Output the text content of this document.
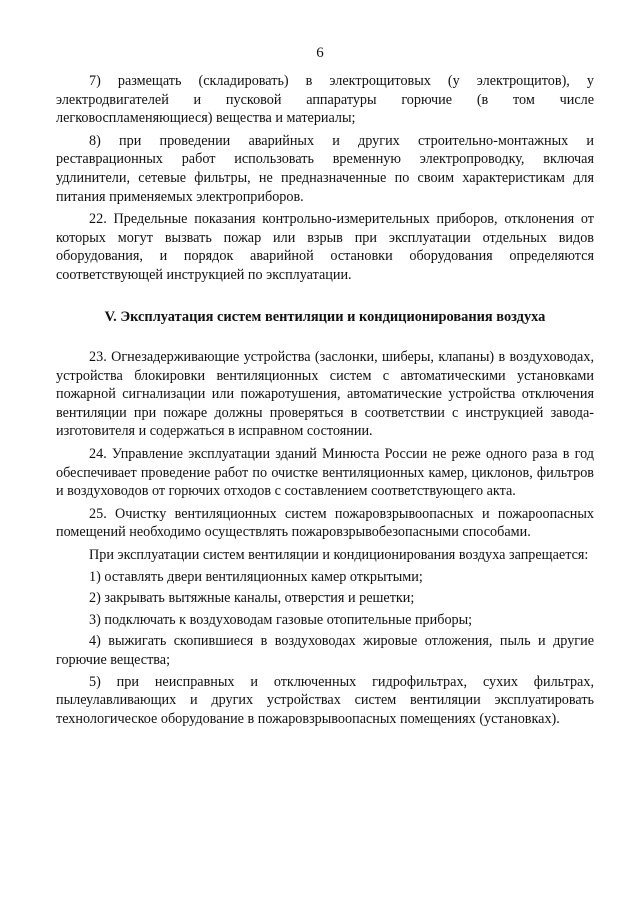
6

7) размещать (складировать) в электрощитовых (у электрощитов), у электродвигателей и пусковой аппаратуры горючие (в том числе легковоспламеняющиеся) вещества и материалы;

8) при проведении аварийных и других строительно-монтажных и реставрационных работ использовать временную электропроводку, включая удлинители, сетевые фильтры, не предназначенные по своим характеристикам для питания применяемых электроприборов.

22. Предельные показания контрольно-измерительных приборов, отклонения от которых могут вызвать пожар или взрыв при эксплуатации отдельных видов оборудования, и порядок аварийной остановки оборудования определяются соответствующей инструкцией по эксплуатации.

V. Эксплуатация систем вентиляции и кондиционирования воздуха

23. Огнезадерживающие устройства (заслонки, шиберы, клапаны) в воздуховодах, устройства блокировки вентиляционных систем с автоматическими установками пожарной сигнализации или пожаротушения, автоматические устройства отключения вентиляции при пожаре должны проверяться в соответствии с инструкцией завода-изготовителя и содержаться в исправном состоянии.

24. Управление эксплуатации зданий Минюста России не реже одного раза в год обеспечивает проведение работ по очистке вентиляционных камер, циклонов, фильтров и воздуховодов от горючих отходов с составлением соответствующего акта.

25. Очистку вентиляционных систем пожаровзрывоопасных и пожароопасных помещений необходимо осуществлять пожаровзрывобезопасными способами.

При эксплуатации систем вентиляции и кондиционирования воздуха запрещается:

1) оставлять двери вентиляционных камер открытыми;

2) закрывать вытяжные каналы, отверстия и решетки;

3) подключать к воздуховодам газовые отопительные приборы;

4) выжигать скопившиеся в воздуховодах жировые отложения, пыль и другие горючие вещества;

5) при неисправных и отключенных гидрофильтрах, сухих фильтрах, пылеулавливающих и других устройствах систем вентиляции эксплуатировать технологическое оборудование в пожаровзрывоопасных помещениях (установках).
